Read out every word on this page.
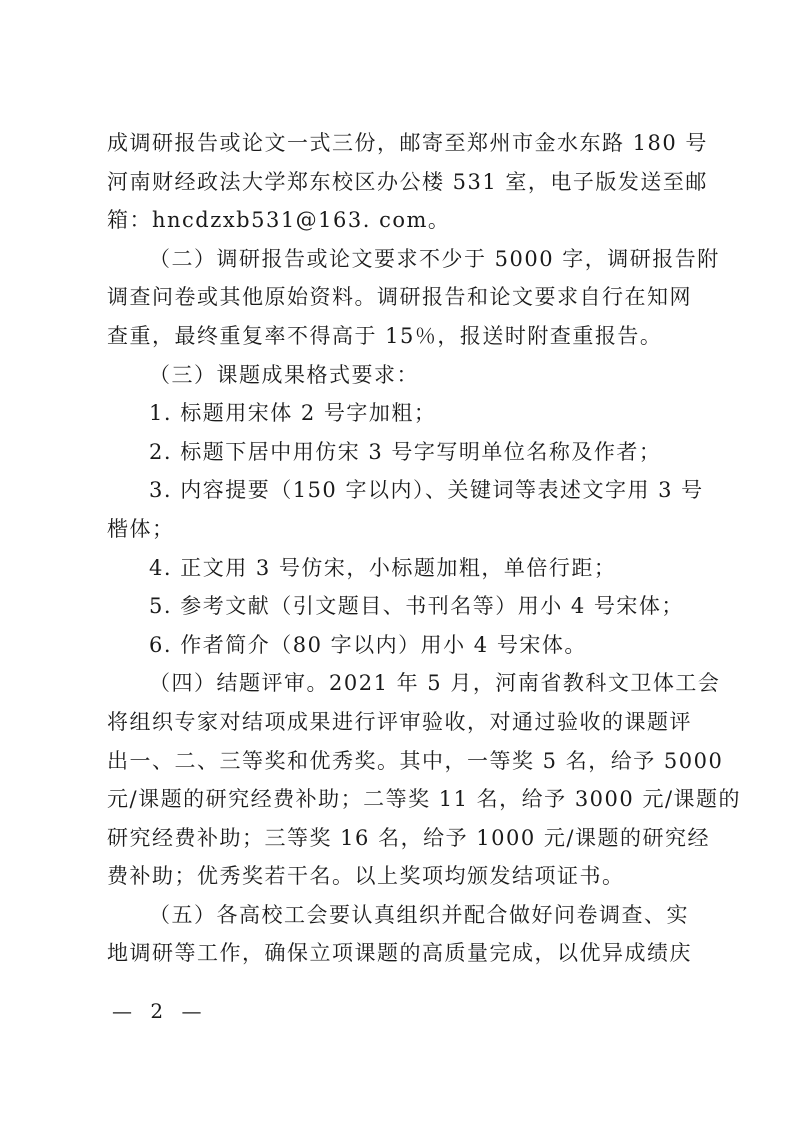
成调研报告或论文一式三份，邮寄至郑州市金水东路 180 号
河南财经政法大学郑东校区办公楼 531 室，电子版发送至邮
箱：hncdzxb531@163. com。
（二）调研报告或论文要求不少于 5000 字，调研报告附
调查问卷或其他原始资料。调研报告和论文要求自行在知网
查重，最终重复率不得高于 15％，报送时附查重报告。
（三）课题成果格式要求：
1. 标题用宋体 2 号字加粗；
2. 标题下居中用仿宋 3 号字写明单位名称及作者；
3. 内容提要（150 字以内）、关键词等表述文字用 3 号
楷体；
4. 正文用 3 号仿宋，小标题加粗，单倍行距；
5. 参考文献（引文题目、书刊名等）用小 4 号宋体；
6. 作者简介（80 字以内）用小 4 号宋体。
（四）结题评审。2021 年 5 月，河南省教科文卫体工会
将组织专家对结项成果进行评审验收，对通过验收的课题评
出一、二、三等奖和优秀奖。其中，一等奖 5 名，给予 5000
元/课题的研究经费补助；二等奖 11 名，给予 3000 元/课题的
研究经费补助；三等奖 16 名，给予 1000 元/课题的研究经
费补助；优秀奖若干名。以上奖项均颁发结项证书。
（五）各高校工会要认真组织并配合做好问卷调查、实
地调研等工作，确保立项课题的高质量完成，以优异成绩庆
— 2 —
